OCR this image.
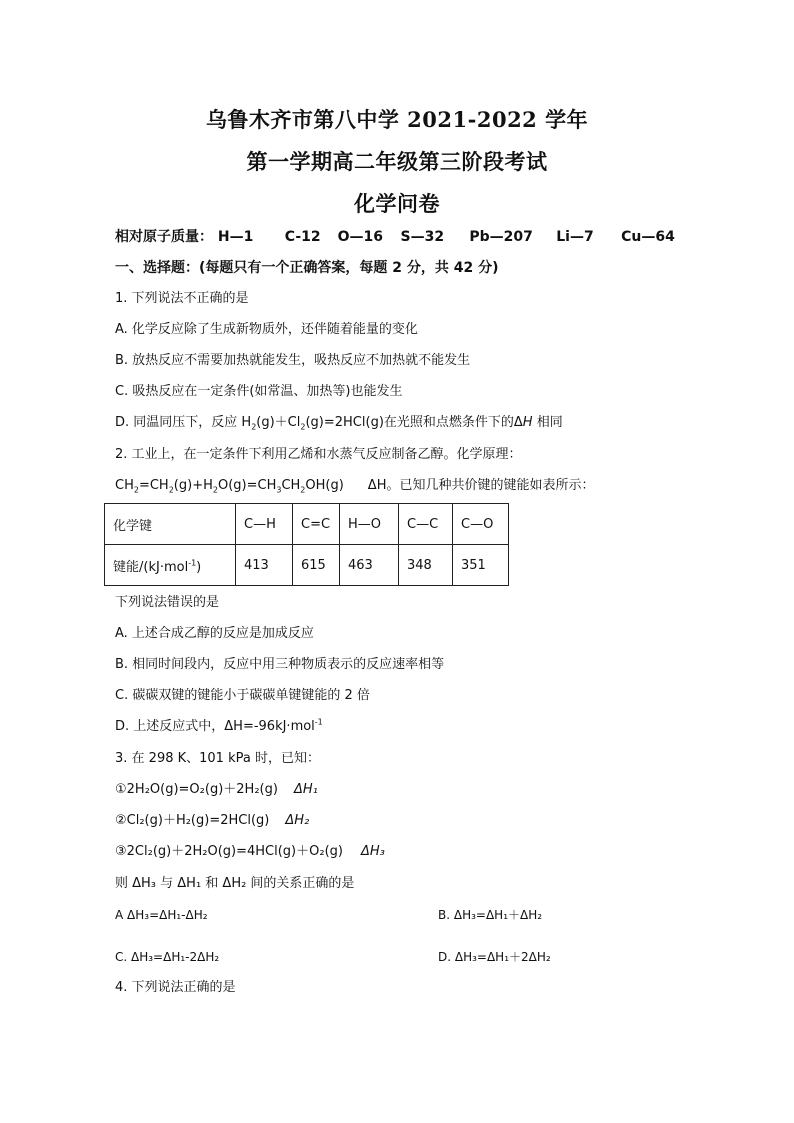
乌鲁木齐市第八中学 2021-2022 学年
第一学期高二年级第三阶段考试
化学问卷
相对原子质量： H—1 C-12 O—16 S—32 Pb—207 Li—7 Cu—64
一、选择题：(每题只有一个正确答案，每题 2 分，共 42 分)
1. 下列说法不正确的是
A. 化学反应除了生成新物质外，还伴随着能量的变化
B. 放热反应不需要加热就能发生，吸热反应不加热就不能发生
C. 吸热反应在一定条件(如常温、加热等)也能发生
D. 同温同压下，反应 $H_2(g)+Cl_2(g)=2HCl(g)$在光照和点燃条件下的ΔH 相同
2. 工业上，在一定条件下利用乙烯和水蒸气反应制备乙醇。化学原理：
$CH_2=CH_2(g)+H_2O(g)=CH_3CH_2OH(g)$ ΔH。已知几种共价键的键能如表所示：
化学键	C—H	C=C	H—O	C—C	C—O
键能/(kJ·mol$^{-1}$)	413	615	463	348	351
下列说法错误的是
A. 上述合成乙醇的反应是加成反应
B. 相同时间段内，反应中用三种物质表示的反应速率相等
C. 碳碳双键的键能小于碳碳单键键能的 2 倍
D. 上述反应式中，ΔH=-96kJ·mol$^{-1}$
3. 在 298 K、101 kPa 时，已知：
①2H₂O(g)=O₂(g)＋2H₂(g) ΔH₁
②Cl₂(g)＋H₂(g)=2HCl(g) ΔH₂
③2Cl₂(g)＋2H₂O(g)=4HCl(g)＋O₂(g) ΔH₃
则 ΔH₃ 与 ΔH₁ 和 ΔH₂ 间的关系正确的是
A ΔH₃=ΔH₁-ΔH₂	B. ΔH₃=ΔH₁＋ΔH₂
C. ΔH₃=ΔH₁-2ΔH₂	D. ΔH₃=ΔH₁＋2ΔH₂
4. 下列说法正确的是
